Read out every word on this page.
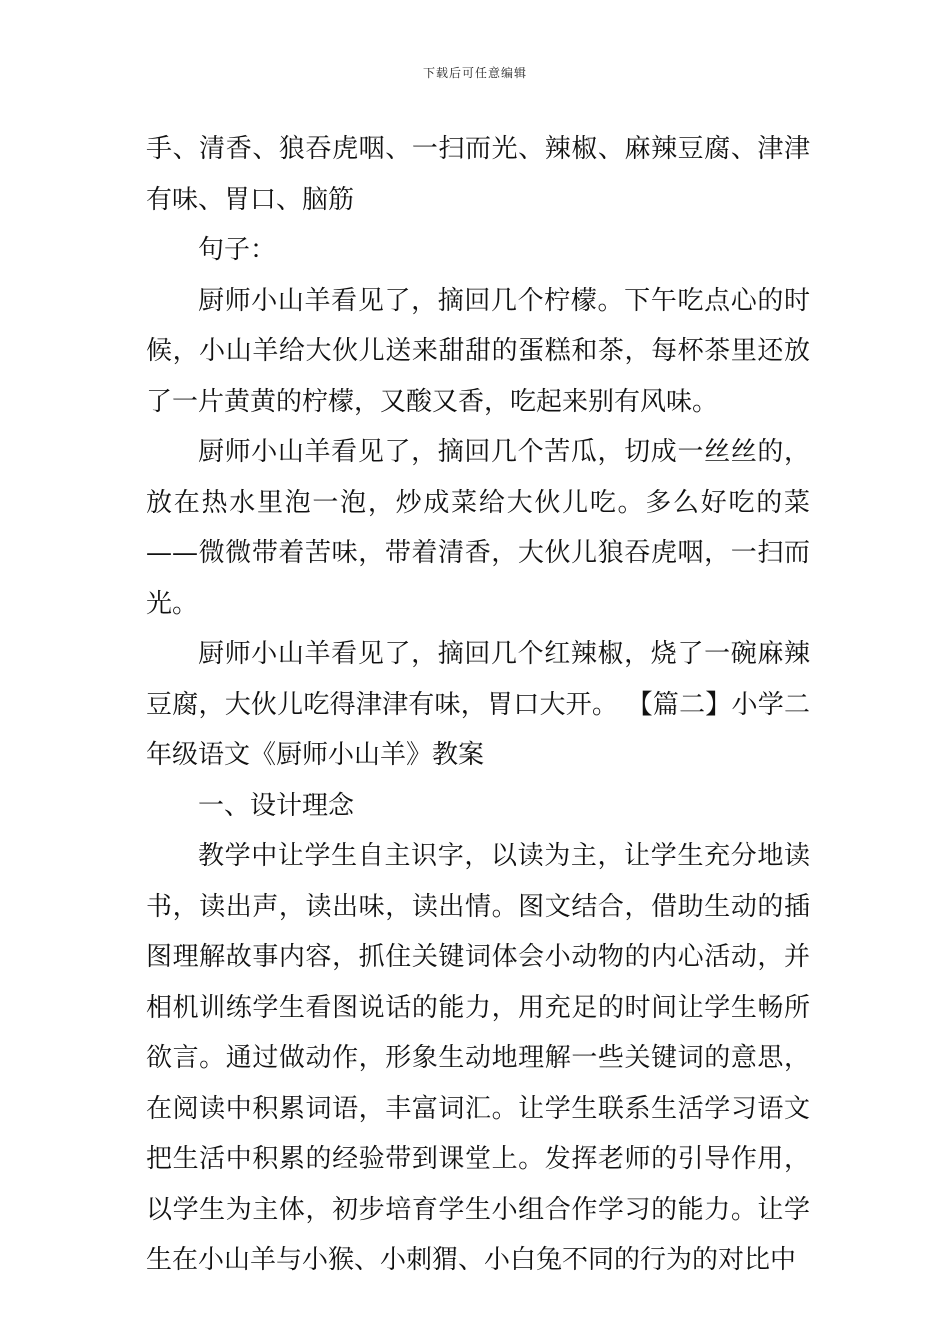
下载后可任意编辑

手、清香、狼吞虎咽、一扫而光、辣椒、麻辣豆腐、津津有味、胃口、脑筋

句子：

厨师小山羊看见了，摘回几个柠檬。下午吃点心的时候，小山羊给大伙儿送来甜甜的蛋糕和茶，每杯茶里还放了一片黄黄的柠檬，又酸又香，吃起来别有风味。

厨师小山羊看见了，摘回几个苦瓜，切成一丝丝的，放在热水里泡一泡，炒成菜给大伙儿吃。多么好吃的菜——微微带着苦味，带着清香，大伙儿狼吞虎咽，一扫而光。

厨师小山羊看见了，摘回几个红辣椒，烧了一碗麻辣豆腐，大伙儿吃得津津有味，胃口大开。 【篇二】小学二年级语文《厨师小山羊》教案

一、设计理念

教学中让学生自主识字，以读为主，让学生充分地读书，读出声，读出味，读出情。图文结合，借助生动的插图理解故事内容，抓住关键词体会小动物的内心活动，并相机训练学生看图说话的能力，用充足的时间让学生畅所欲言。通过做动作，形象生动地理解一些关键词的意思，在阅读中积累词语，丰富词汇。让学生联系生活学习语文把生活中积累的经验带到课堂上。发挥老师的引导作用，以学生为主体，初步培育学生小组合作学习的能力。让学生在小山羊与小猴、小刺猬、小白兔不同的行为的对比中
